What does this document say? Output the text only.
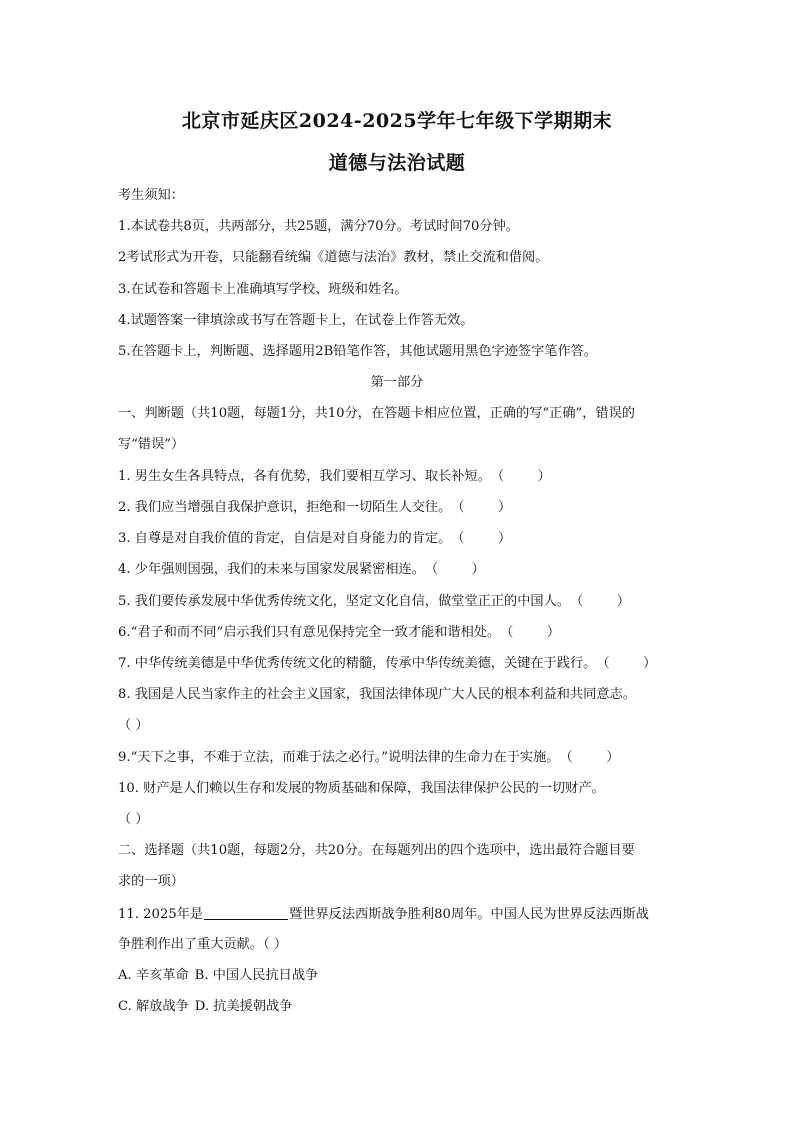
北京市延庆区2024-2025学年七年级下学期期末
道德与法治试题
考生须知：
1.本试卷共8页，共两部分，共25题，满分70分。考试时间70分钟。
2考试形式为开卷，只能翻看统编《道德与法治》教材，禁止交流和借阅。
3.在试卷和答题卡上准确填写学校、班级和姓名。
4.试题答案一律填涂或书写在答题卡上，在试卷上作答无效。
5.在答题卡上，判断题、选择题用2B铅笔作答，其他试题用黑色字迹签字笔作答。
第一部分
一、判断题（共10题，每题1分，共10分，在答题卡相应位置，正确的写“正确”，错误的
写“错误”）
1. 男生女生各具特点，各有优势，我们要相互学习、取长补短。（        ）
2. 我们应当增强自我保护意识，拒绝和一切陌生人交往。（        ）
3. 自尊是对自我价值的肯定，自信是对自身能力的肯定。（        ）
4. 少年强则国强，我们的未来与国家发展紧密相连。（        ）
5. 我们要传承发展中华优秀传统文化，坚定文化自信，做堂堂正正的中国人。（        ）
6.“君子和而不同”启示我们只有意见保持完全一致才能和谐相处。（        ）
7. 中华传统美德是中华优秀传统文化的精髓，传承中华传统美德，关键在于践行。（        ）
8. 我国是人民当家作主的社会主义国家，我国法律体现广大人民的根本利益和共同意志。
（ ）
9.“天下之事，不难于立法，而难于法之必行。”说明法律的生命力在于实施。（        ）
10. 财产是人们赖以生存和发展的物质基础和保障，我国法律保护公民的一切财产。
（ ）
二、选择题（共10题，每题2分，共20分。在每题列出的四个选项中，选出最符合题目要
求的一项）
11. 2025年是	暨世界反法西斯战争胜利80周年。中国人民为世界反法西斯战
争胜利作出了重大贡献。（ ）
A. 辛亥革命 B. 中国人民抗日战争
C. 解放战争 D. 抗美援朝战争
